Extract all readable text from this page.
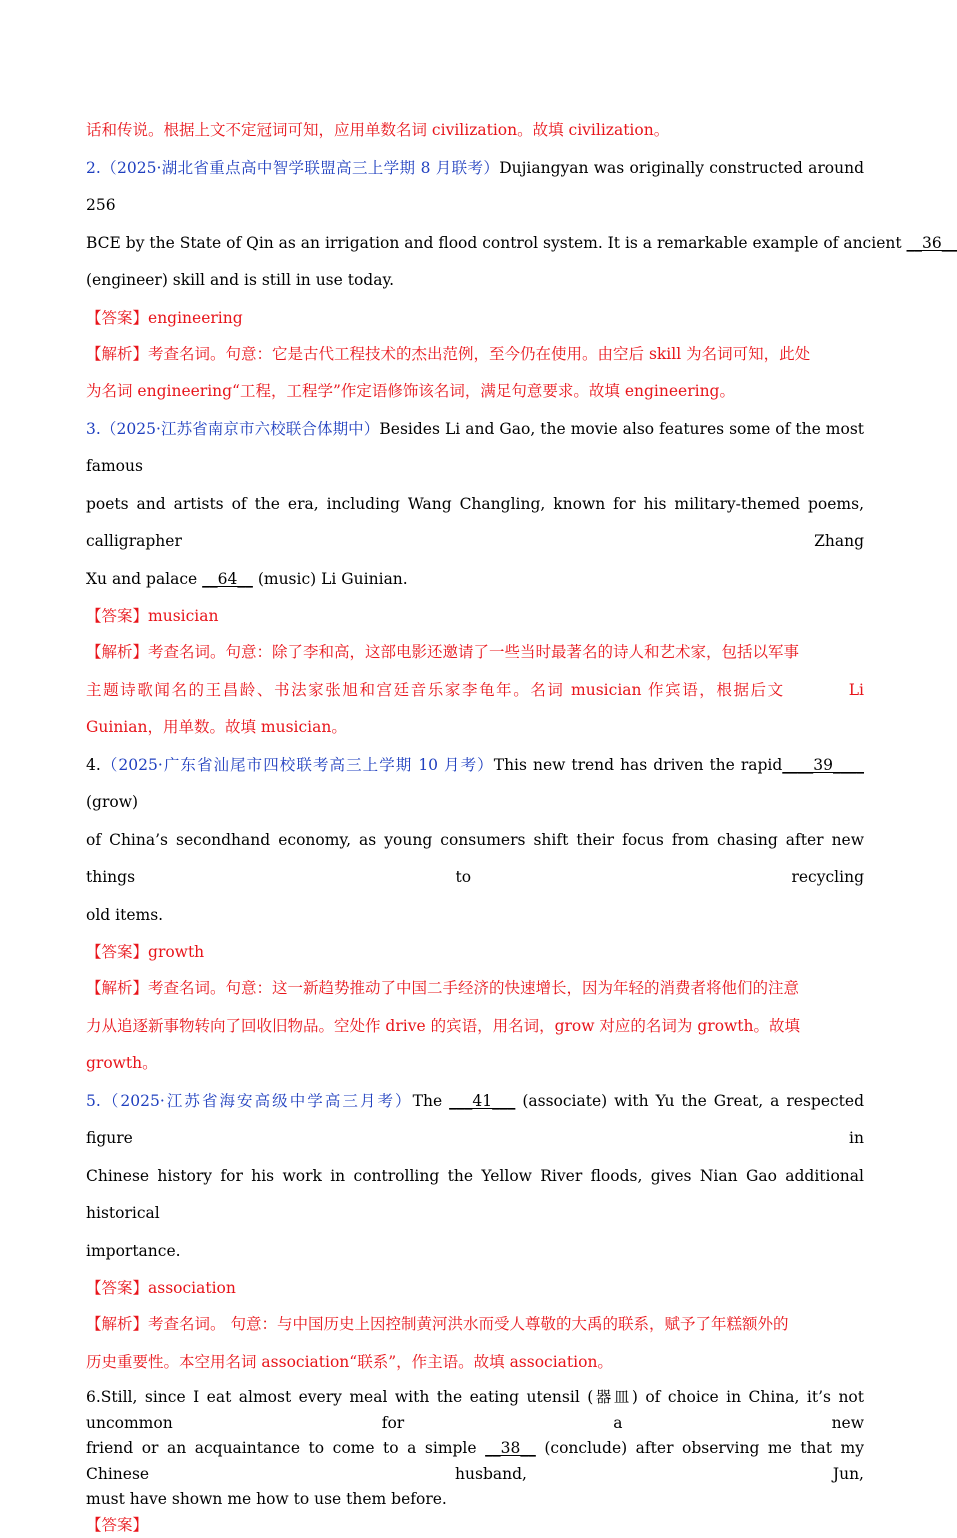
话和传说。根据上文不定冠词可知，应用单数名词 civilization。故填 civilization。
2.（2025·湖北省重点高中智学联盟高三上学期 8 月联考）Dujiangyan was originally constructed around 256
BCE by the State of Qin as an irrigation and flood control system. It is a remarkable example of ancient __36__
(engineer) skill and is still in use today.
【答案】engineering
【解析】考查名词。句意：它是古代工程技术的杰出范例，至今仍在使用。由空后 skill 为名词可知，此处
为名词 engineering“工程，工程学”作定语修饰该名词，满足句意要求。故填 engineering。
3.（2025·江苏省南京市六校联合体期中）Besides Li and Gao, the movie also features some of the most famous
poets and artists of the era, including Wang Changling, known for his military-themed poems, calligrapher Zhang
Xu and palace __64__ (music) Li Guinian.
【答案】musician
【解析】考查名词。句意：除了李和高，这部电影还邀请了一些当时最著名的诗人和艺术家，包括以军事
主题诗歌闻名的王昌龄、书法家张旭和宫廷音乐家李龟年。名词 musician 作宾语，根据后文	Li
Guinian，用单数。故填 musician。
4.（2025·广东省汕尾市四校联考高三上学期 10 月考）This new trend has driven the rapid____39____ (grow)
of China’s secondhand economy, as young consumers shift their focus from chasing after new things to recycling
old items.
【答案】growth
【解析】考查名词。句意：这一新趋势推动了中国二手经济的快速增长，因为年轻的消费者将他们的注意
力从追逐新事物转向了回收旧物品。空处作 drive 的宾语，用名词，grow 对应的名词为 growth。故填
growth。
5.（2025·江苏省海安高级中学高三月考）The ___41___ (associate) with Yu the Great, a respected figure in
Chinese history for his work in controlling the Yellow River floods, gives Nian Gao additional historical
importance.
【答案】association
【解析】考查名词。 句意：与中国历史上因控制黄河洪水而受人尊敬的大禹的联系，赋予了年糕额外的
历史重要性。本空用名词 association“联系”，作主语。故填 association。
6.Still, since I eat almost every meal with the eating utensil (器皿) of choice in China, it’s not uncommon for a new
friend or an acquaintance to come to a simple __38__ (conclude) after observing me that my Chinese husband, Jun,
must have shown me how to use them before.
【答案】
